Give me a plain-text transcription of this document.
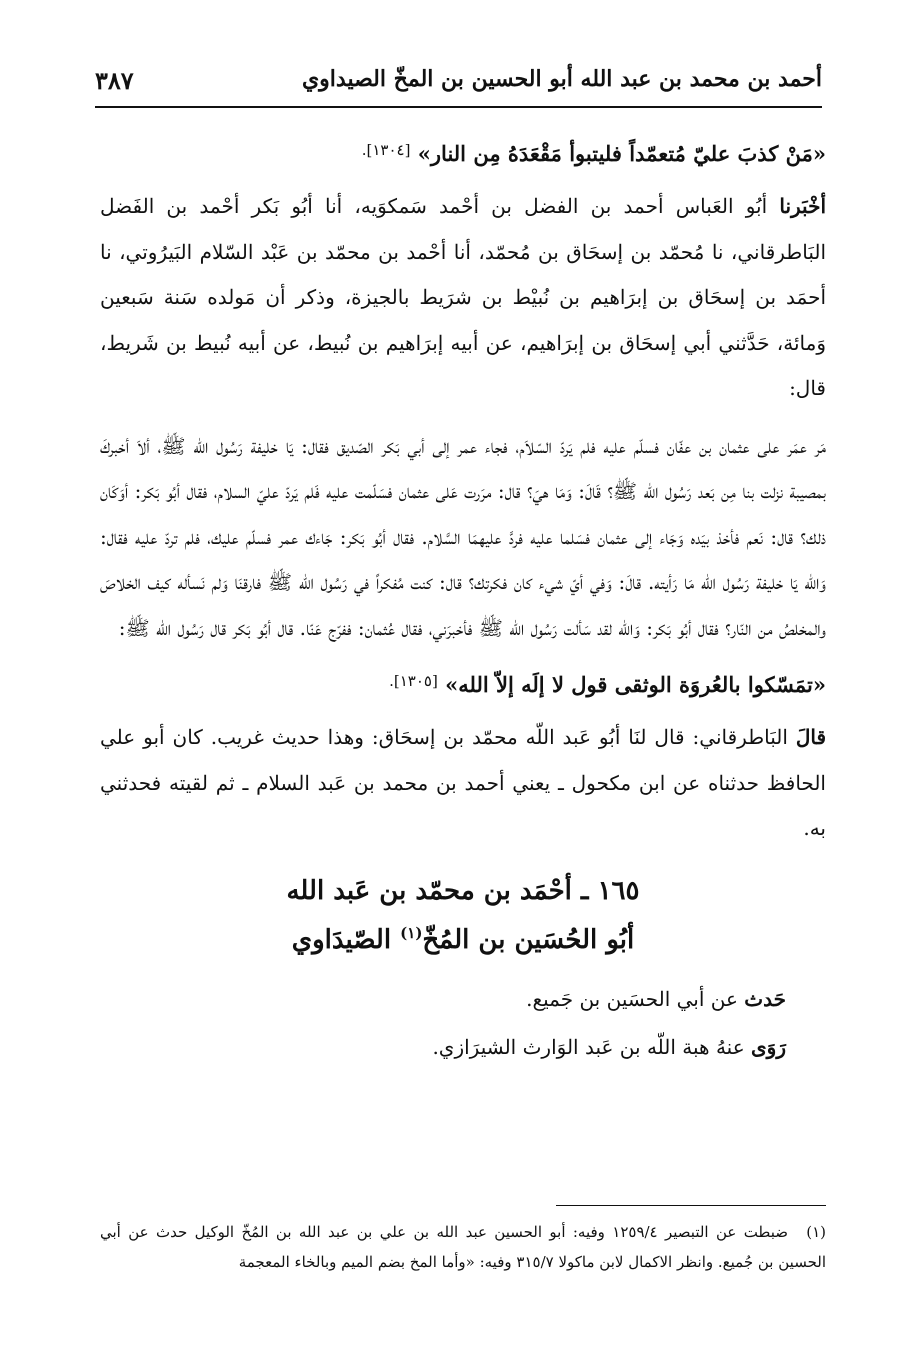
أحمد بن محمد بن عبد الله أبو الحسين بن المخّ الصيداوي
٣٨٧

«مَنْ كذبَ عليّ مُتعمّداً فليتبوأ مَقْعَدَهُ مِن النار» $^{[١٣٠٤].}$

أخْبَرنا أبُو العَباس أحمد بن الفضل بن أحْمد سَمكوَيه، أنا أبُو بَكر أحْمد بن الفَضل البَاطرقاني، نا مُحمّد بن إسحَاق بن مُحمّد، أنا أحْمد بن محمّد بن عَبْد السّلام البَيرُوتي، نا أحمَد بن إسحَاق بن إبرَاهيم بن نُبيْط بن شرَيط بالجيزة، وذكر أن مَولده سَنة سَبعين وَمائة، حَدَّثني أبي إسحَاق بن إبرَاهيم، عن أبيه إبرَاهيم بن نُبيط، عن أبيه نُبيط بن شَريط، قال:

مَر عمَر على عثمان بن عفّان فسلّم عليه فلم يَردّ السّلاَم، فجاء عمر إلى أبي بَكر الصّديق فقال: يَا خليفة رَسُول الله ﷺ، ألاَ أخبركَ بمصيبة نزلت بنا مِن بَعد رَسُول الله ﷺ؟ قَالَ: وَمَا هيَ؟ قال: مرَرت عَلى عثمان فسَلّمت عليه فَلم يَردّ عليّ السلام، فقال أبُو بَكر: أوَكَان ذلك؟ قال: نَعم فأخذ بيَده وَجَاء إلى عثمان فسَلما عليه فردَّ عليهمَا السَّلام. فقال أبُو بَكر: جَاءك عمر فسلّم عليك، فلم تردّ عليه فقال: وَالله يَا خليفة رَسُول الله مَا رَأيته. قالَ: وَفي أيّ شيء كان فكرتك؟ قال: كنت مُفكراً في رَسُول الله ﷺ فارقنَا وَلم نَسأله كيف الخلاصَ والمخلصُ من النّار؟ فقال أبُو بَكر: وَالله لقد سَألت رَسُول الله ﷺ فأخبرَني، فقال عُثمان: ففرّج عَنّا. قال أبُو بَكر قال رَسُول الله ﷺ:

«تمَسّكوا بالعُروَة الوثقى قول لا إلَه إلاّ الله» $^{[١٣٠٥].}$

قالَ البَاطرقاني: قال لنَا أبُو عَبد اللّه محمّد بن إسحَاق: وهذا حديث غريب. كان أبو علي الحافظ حدثناه عن ابن مكحول ـ يعني أحمد بن محمد بن عَبد السلام ـ ثم لقيته فحدثني به.

١٦٥ ـ أحْمَد بن محمّد بن عَبد الله
أبُو الحُسَين بن المُخّ$^{(١)}$ الصّيدَاوي

حَدث عن أبي الحسَين بن جَميع.

رَوَى عنهُ هبة اللّه بن عَبد الوَارث الشيرَازي.

(١)ضبطت عن التبصير ١٢٥٩/٤ وفيه: أبو الحسين عبد الله بن علي بن عبد الله بن المُخّ الوكيل حدث عن أبي الحسين بن جُميع. وانظر الاكمال لابن ماكولا ٣١٥/٧ وفيه: «وأما المخ بضم الميم وبالخاء المعجمة
